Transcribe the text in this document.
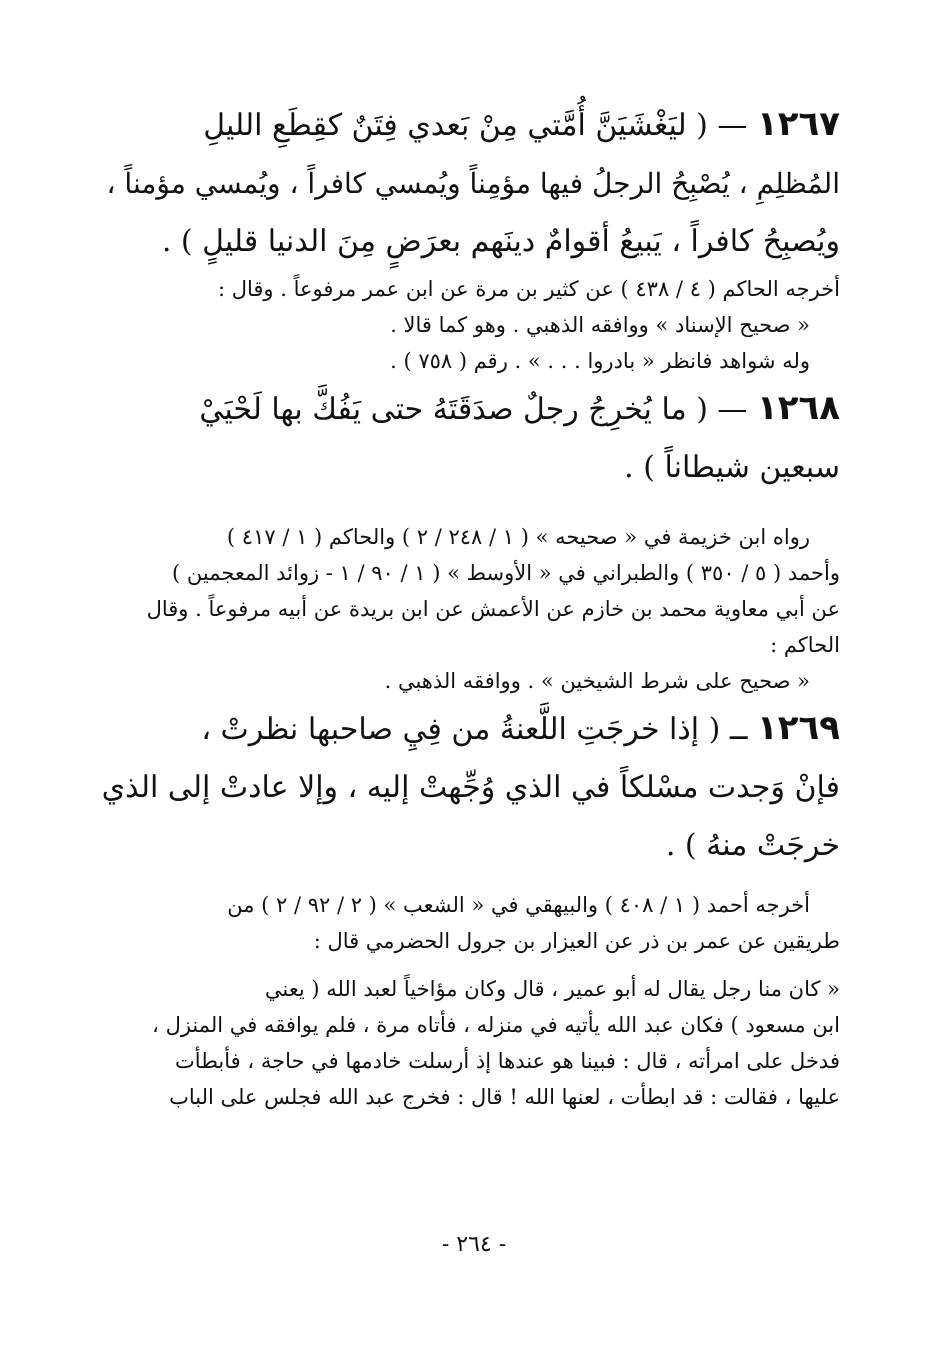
١٢٦٧ — ( ليَغْشَيَنَّ أُمَّتي مِنْ بَعدي فِتَنٌ كقِطَعِ الليلِ

المُظلِمِ ، يُصْبِحُ الرجلُ فيها مؤمِناً ويُمسي كافراً ، ويُمسي مؤمناً ،

ويُصبِحُ كافراً ، يَبيعُ أقوامٌ دينَهم بعرَضٍ مِنَ الدنيا قليلٍ ) .

أخرجه الحاكم ( ٤ / ٤٣٨ ) عن كثير بن مرة عن ابن عمر مرفوعاً . وقال :

« صحيح الإسناد » ووافقه الذهبي . وهو كما قالا .

وله شواهد فانظر « بادروا . . . » . رقم ( ٧٥٨ ) .

١٢٦٨ — ( ما يُخرِجُ رجلٌ صدَقَتَهُ حتى يَفُكَّ بها لَحْيَيْ

سبعين شيطاناً ) .

رواه ابن خزيمة في « صحيحه » ( ١ / ٢٤٨ / ٢ ) والحاكم ( ١ / ٤١٧ )

وأحمد ( ٥ / ٣٥٠ ) والطبراني في « الأوسط » ( ١ / ٩٠ / ١ - زوائد المعجمين )

عن أبي معاوية محمد بن خازم عن الأعمش عن ابن بريدة عن أبيه مرفوعاً . وقال

الحاكم :

« صحيح على شرط الشيخين » . ووافقه الذهبي .

١٢٦٩ ــ ( إذا خرجَتِ اللَّعنةُ من فِيِ صاحبها نظرتْ ،

فإنْ وَجدت مسْلكاً في الذي وُجِّهتْ إليه ، وإلا عادتْ إلى الذي

خرجَتْ منهُ ) .

أخرجه أحمد ( ١ / ٤٠٨ ) والبيهقي في « الشعب » ( ٢ / ٩٢ / ٢ ) من

طريقين عن عمر بن ذر عن العيزار بن جرول الحضرمي قال :

« كان منا رجل يقال له أبو عمير ، قال وكان مؤاخياً لعبد الله ( يعني

ابن مسعود ) فكان عبد الله يأتيه في منزله ، فأتاه مرة ، فلم يوافقه في المنزل ،

فدخل على امرأته ، قال : فبينا هو عندها إذ أرسلت خادمها في حاجة ، فأبطأت

عليها ، فقالت : قد ابطأت ، لعنها الله ! قال : فخرج عبد الله فجلس على الباب

- ٢٦٤ -
